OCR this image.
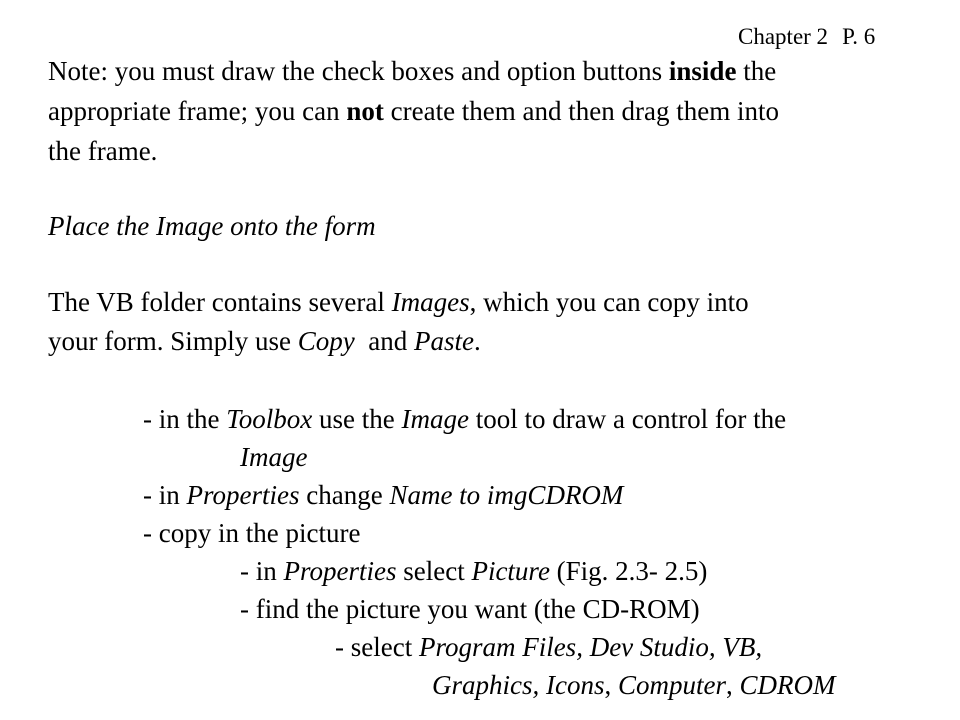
Chapter 2 P. 6
Note: you must draw the check boxes and option buttons inside the
appropriate frame; you can not create them and then drag them into
the frame.
Place the Image onto the form
The VB folder contains several Images, which you can copy into
your form. Simply use Copy  and Paste.
- in the Toolbox use the Image tool to draw a control for the
Image
- in Properties change Name to imgCDROM
- copy in the picture
- in Properties select Picture (Fig. 2.3- 2.5)
- find the picture you want (the CD-ROM)
- select Program Files, Dev Studio, VB,
Graphics, Icons, Computer, CDROM
